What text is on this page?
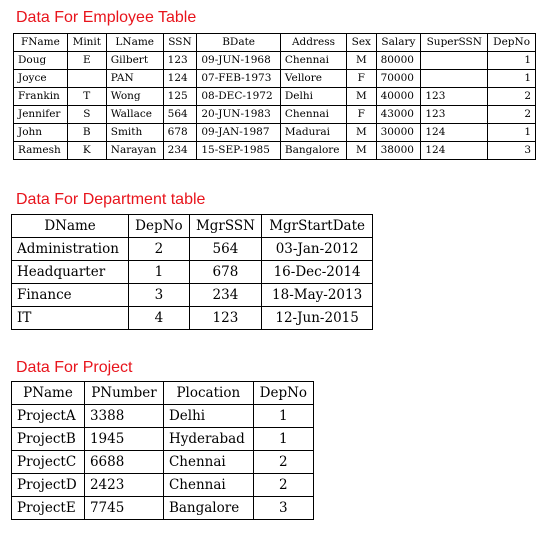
Data For Employee Table
FName	Minit	LName	SSN	BDate	Address	Sex	Salary	SuperSSN	DepNo
Doug	E	Gilbert	123	09-JUN-1968	Chennai	M	80000		1
Joyce		PAN	124	07-FEB-1973	Vellore	F	70000		1
Frankin	T	Wong	125	08-DEC-1972	Delhi	M	40000	123	2
Jennifer	S	Wallace	564	20-JUN-1983	Chennai	F	43000	123	2
John	B	Smith	678	09-JAN-1987	Madurai	M	30000	124	1
Ramesh	K	Narayan	234	15-SEP-1985	Bangalore	M	38000	124	3
Data For Department table
DName	DepNo	MgrSSN	MgrStartDate
Administration	2	564	03-Jan-2012
Headquarter	1	678	16-Dec-2014
Finance	3	234	18-May-2013
IT	4	123	12-Jun-2015
Data For Project
PName	PNumber	Plocation	DepNo
ProjectA	3388	Delhi	1
ProjectB	1945	Hyderabad	1
ProjectC	6688	Chennai	2
ProjectD	2423	Chennai	2
ProjectE	7745	Bangalore	3
